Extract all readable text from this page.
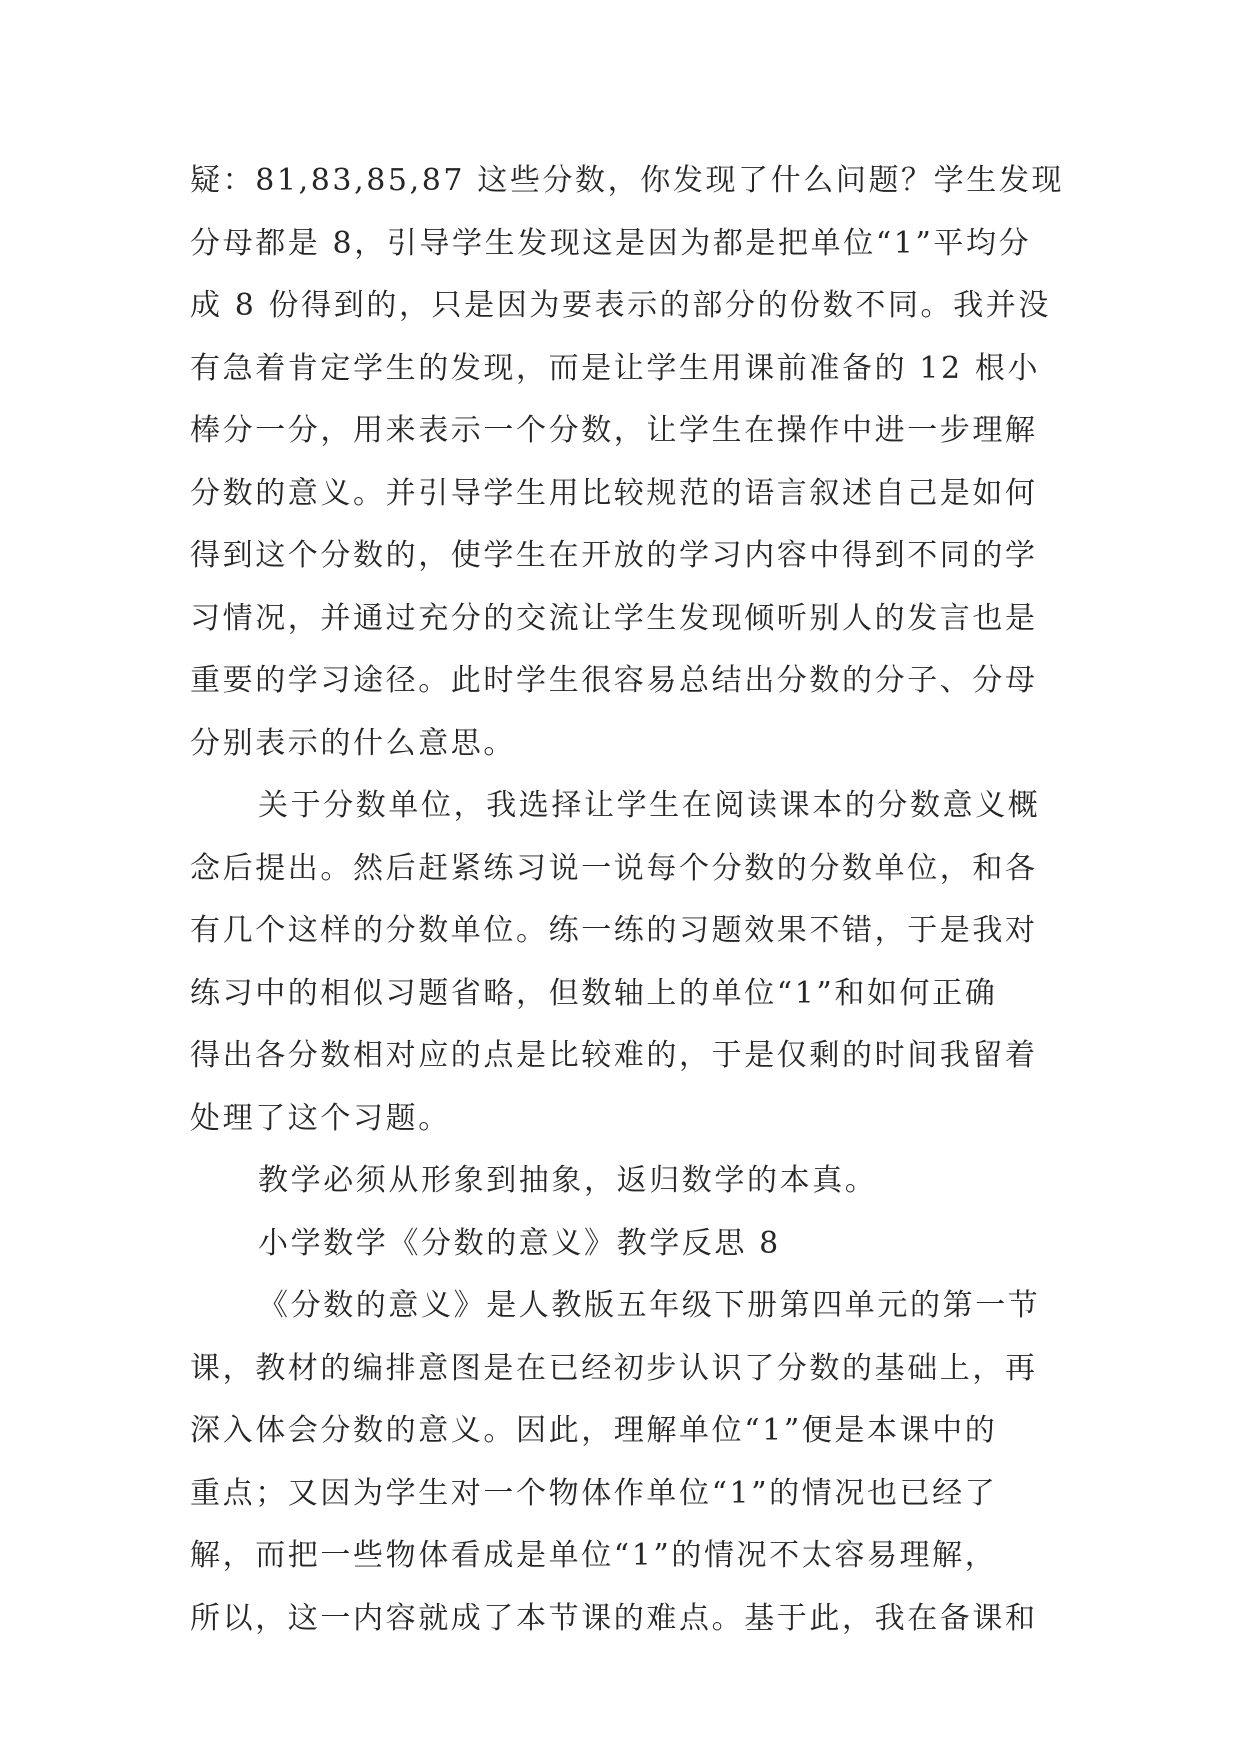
疑：81,83,85,87 这些分数，你发现了什么问题？学生发现
分母都是 8，引导学生发现这是因为都是把单位“1”平均分
成 8 份得到的，只是因为要表示的部分的份数不同。我并没
有急着肯定学生的发现，而是让学生用课前准备的 12 根小
棒分一分，用来表示一个分数，让学生在操作中进一步理解
分数的意义。并引导学生用比较规范的语言叙述自己是如何
得到这个分数的，使学生在开放的学习内容中得到不同的学
习情况，并通过充分的交流让学生发现倾听别人的发言也是
重要的学习途径。此时学生很容易总结出分数的分子、分母
分别表示的什么意思。
关于分数单位，我选择让学生在阅读课本的分数意义概
念后提出。然后赶紧练习说一说每个分数的分数单位，和各
有几个这样的分数单位。练一练的习题效果不错，于是我对
练习中的相似习题省略，但数轴上的单位“1”和如何正确
得出各分数相对应的点是比较难的，于是仅剩的时间我留着
处理了这个习题。
教学必须从形象到抽象，返归数学的本真。
小学数学《分数的意义》教学反思 8
《分数的意义》是人教版五年级下册第四单元的第一节
课，教材的编排意图是在已经初步认识了分数的基础上，再
深入体会分数的意义。因此，理解单位“1”便是本课中的
重点；又因为学生对一个物体作单位“1”的情况也已经了
解，而把一些物体看成是单位“1”的情况不太容易理解，
所以，这一内容就成了本节课的难点。基于此，我在备课和
